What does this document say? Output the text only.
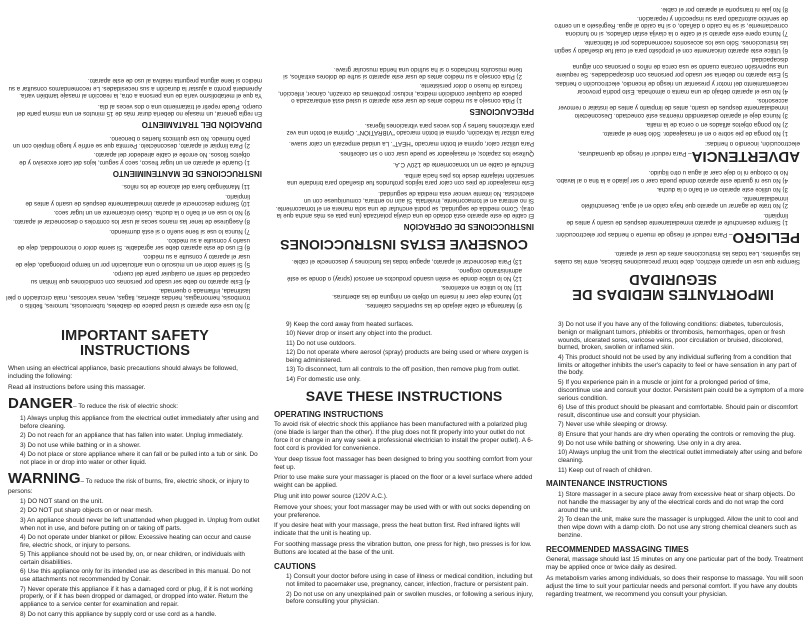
IMPORTANTES MEDIDAS DE SEGURIDAD
Siempre que use un aparato eléctrico, debe tomar precauciones básicas, entre las cuales las siguientes. Lea todas las instrucciones antes de usar el aparato.
PELIGRO– Para reducir el riesgo de muerte o heridas por electrocución:
1) Siempre desenchufe el aparato inmediatamente después de usarlo y antes de limpiarlo.
2) No trate de agarrar un aparato que haya caído en el agua. Desenchúfelo inmediatamente.
3) No utilice este aparato en el baño o la ducha.
4) No use ni guarde este aparato donde pueda caer o ser jalado a la tina o al lavabo. No lo coloque ni lo deje caer al agua u otro líquido.
ADVERTENCIA– Para reducir el riesgo de quemaduras, electrocución, incendio o heridas:
1) No ponga de pie sobre o en el masajeador. Sólo tiene el aparato.
2) No ponga objetos afilados en o cerca de la malla.
3) Nunca deje el aparato desatendido mientras esté conectado. Desconéctelo inmediatamente después de usarlo, antes de limpiarlo y antes de instalar o remover accesorios.
4) No use el aparato debajo de una manta o almohada. Esto podría provocar recalentamiento del motor y presentar un riesgo de incendio, electrocución o heridas.
5) Este aparato no debería ser usado por personas con discapacidades. Se requiere una supervisión cercana cuando se usa cerca de niños o personas con alguna discapacidad.
6) Utilice este aparato únicamente con el propósito para el cual fue diseñado y según las instrucciones. Sólo use los accesorios recomendados por el fabricante.
7) Nunca opere este aparato si el cable o la clavija están dañados, si no funciona correctamente, si se ha caído o dañado, o si ha caído al agua. Regréselo a un centro de servicio autorizado para su inspección y reparación.
8) No jale ni transporte el aparato por el cable.
9) Mantenga el cable alejado de las superficies calientes.
10) Nunca deje caer ni inserte un objeto en ninguna de las aberturas.
11) No lo utilice en exteriores.
12) No lo utilice donde se estén usando productos en aerosol (spray) o donde se esté administrando oxígeno.
13) Para desconectar el aparato, apague todas las funciones y desconecte el cable.
CONSERVE ESTAS INSTRUCCIONES
INSTRUCCIONES DE OPERACIÓN
El cable de este aparato está dotado de una clavija polarizada (una pata es más ancha que la otra). Como medida de seguridad, se podrá enchufar de una sola manera en el tomacorriente. Si no entrara en el tomacorriente, inviértala. Si aún no entrara, comuníquese con un electricista. No intente vencer esta medida de seguridad.
Este masajeador de pies con calor para tejidos profundos fue diseñado para brindarle una sensación relajante desde los pies hacia arriba.
Enchufe el cable en un tomacorriente de 120V C.A.
Quítese los zapatos; el masajeador se puede usar con o sin calcetines.
Para utilizar calor, oprima el botón marcado "HEAT". La unidad empezará un calor suave.
Para utilizar la vibración, oprima el botón marcado "VIBRATION". Oprima el botón una vez para vibraciones fuertes y dos veces para vibraciones ligeras.
PRECAUCIONES
1) Pida consejo a su médico antes de usar este aparato si usted está embarazada o padece de cualquier condición médica, incluso: problemas de corazón, cáncer, infección, fractura de hueso o dolor persistente.
2) Pida consejo a su médico antes de usar este aparato si sufre de dolores extraños, si tiene músculos hinchados o si ha sufrido una herida muscular grave.
3) No use este aparato si usted padece de diabetes, tuberculosis, tumores, flebitis o trombosis, hemorragias, heridas abiertas, llagas, venas varicosas, mala circulación o piel lastimada, inflamada o quemada.
4) Este aparato no debe ser usado por personas con condiciones que limitan su capacidad de sentir en cualquier parte del cuerpo.
5) Si siente dolor en un músculo o una articulación por un tiempo prolongado, deje de usar el aparato y consulte a su médico.
6) El uso de este aparato debe ser agradable. Si siente dolor o incomodidad, deje de usarlo y consulte a su médico.
7) Nunca lo use si tiene sueño o si está durmiendo.
8) Asegúrese de tener las manos secas al usar los controles o desconectar el aparato.
9) No lo use en el baño o la ducha. Úselo únicamente en un lugar seco.
10) Siempre desconecte el aparato inmediatamente después de usarlo y antes de limpiarlo.
11) Manténgalo fuera del alcance de los niños.
INSTRUCCIONES DE MANTENIMIENTO
1) Guarde el aparato en un lugar fresco, seco y seguro, lejos del calor excesivo y de objetos filosos. No enrolle el cable alrededor del aparato.
2) Para limpiar el aparato, desconéctelo. Permita que se enfríe y luego límpielo con un paño húmedo. No use químicos fuertes o benceno.
DURACIÓN DEL TRATAMIENTO
En regla general, un masaje no debería durar más de 15 minutos en una misma parte del cuerpo. Puede repetir el tratamiento una o dos veces al día.
Ya que el metabolismo varía de una persona a otra, la reacción al masaje también varía. Aprenderá pronto a ajustar la duración a sus necesidades. Le recomendamos consultar a su médico si tiene alguna pregunta relativa al uso de este aparato.
IMPORTANT SAFETY INSTRUCTIONS
When using an electrical appliance, basic precautions should always be followed, including the following:
Read all instructions before using this massager.
DANGER– To reduce the risk of electric shock:
1) Always unplug this appliance from the electrical outlet immediately after using and before cleaning.
2) Do not reach for an appliance that has fallen into water. Unplug immediately.
3) Do not use while bathing or in a shower.
4) Do not place or store appliance where it can fall or be pulled into a tub or sink. Do not place in or drop into water or other liquid.
WARNING– To reduce the risk of burns, fire, electric shock, or injury to persons:
1) DO NOT stand on the unit.
2) DO NOT put sharp objects on or near mesh.
3) An appliance should never be left unattended when plugged in. Unplug from outlet when not in use, and before putting on or taking off parts.
4) Do not operate under blanket or pillow. Excessive heating can occur and cause fire, electric shock, or injury to persons.
5) This appliance should not be used by, on, or near children, or individuals with certain disabilities.
6) Use this appliance only for its intended use as described in this manual. Do not use attachments not recommended by Conair.
7) Never operate this appliance if it has a damaged cord or plug, if it is not working properly, or if it has been dropped or damaged, or dropped into water. Return the appliance to a service center for examination and repair.
8) Do not carry this appliance by supply cord or use cord as a handle.
9) Keep the cord away from heated surfaces.
10) Never drop or insert any object into the product.
11) Do not use outdoors.
12) Do not operate where aerosol (spray) products are being used or where oxygen is being administered.
13) To disconnect, turn all controls to the off position, then remove plug from outlet.
14) For domestic use only.
SAVE THESE INSTRUCTIONS
OPERATING INSTRUCTIONS
To avoid risk of electric shock this appliance has been manufactured with a polarized plug (one blade is larger than the other). If the plug does not fit properly into your outlet do not force it or change in any way seek a professional electrician to install the proper outlet). A 6-foot cord is provided for convenience.
Your deep tissue foot massager has been designed to bring you soothing comfort from your feet up.
Prior to use make sure your massager is placed on the floor or a level surface where added weight can be applied.
Plug unit into power source (120V A.C.).
Remove your shoes; your foot massager may be used with or with out socks depending on your preference.
If you desire heat with your massage, press the heat button first. Red infrared lights will indicate that the unit is heating up.
For soothing massage press the vibration button, one press for high, two presses is for low. Buttons are located at the base of the unit.
CAUTIONS
1) Consult your doctor before using in case of illness or medical condition, including but not limited to pacemaker use, pregnancy, cancer, infection, fracture or persistent pain.
2) Do not use on any unexplained pain or swollen muscles, or following a serious injury, before consulting your physician.
3) Do not use if you have any of the following conditions: diabetes, tuberculosis, benign or malignant tumors, phlebitis or thrombosis, hemorrhages, open or fresh wounds, ulcerated sores, varicose veins, poor circulation or bruised, discolored, burned, broken, swollen or inflamed skin.
4) This product should not be used by any individual suffering from a condition that limits or altogether inhibits the user's capacity to feel or have sensation in any part of the body.
5) If you experience pain in a muscle or joint for a prolonged period of time, discontinue use and consult your doctor. Persistent pain could be a symptom of a more serious condition.
6) Use of this product should be pleasant and comfortable. Should pain or discomfort result, discontinue use and consult your physician.
7) Never use while sleeping or drowsy.
8) Ensure that your hands are dry when operating the controls or removing the plug.
9) Do not use while bathing or showering. Use only in a dry area.
10) Always unplug the unit from the electrical outlet immediately after using and before cleaning.
11) Keep out of reach of children.
MAINTENANCE INSTRUCTIONS
1) Store massager in a secure place away from excessive heat or sharp objects. Do not handle the massager by any of the electrical cords and do not wrap the cord around the unit.
2) To clean the unit, make sure the massager is unplugged. Allow the unit to cool and then wipe down with a damp cloth. Do not use any strong chemical cleaners such as benzine.
RECOMMENDED MASSAGING TIMES
General, massage should last 15 minutes on any one particular part of the body. Treatment may be applied once or twice daily as desired.
As metabolism varies among individuals, so does their response to massage. You will soon adjust the time to suit your particular needs and personal comfort. If you have any doubts regarding treatment, we recommend you consult your physician.
